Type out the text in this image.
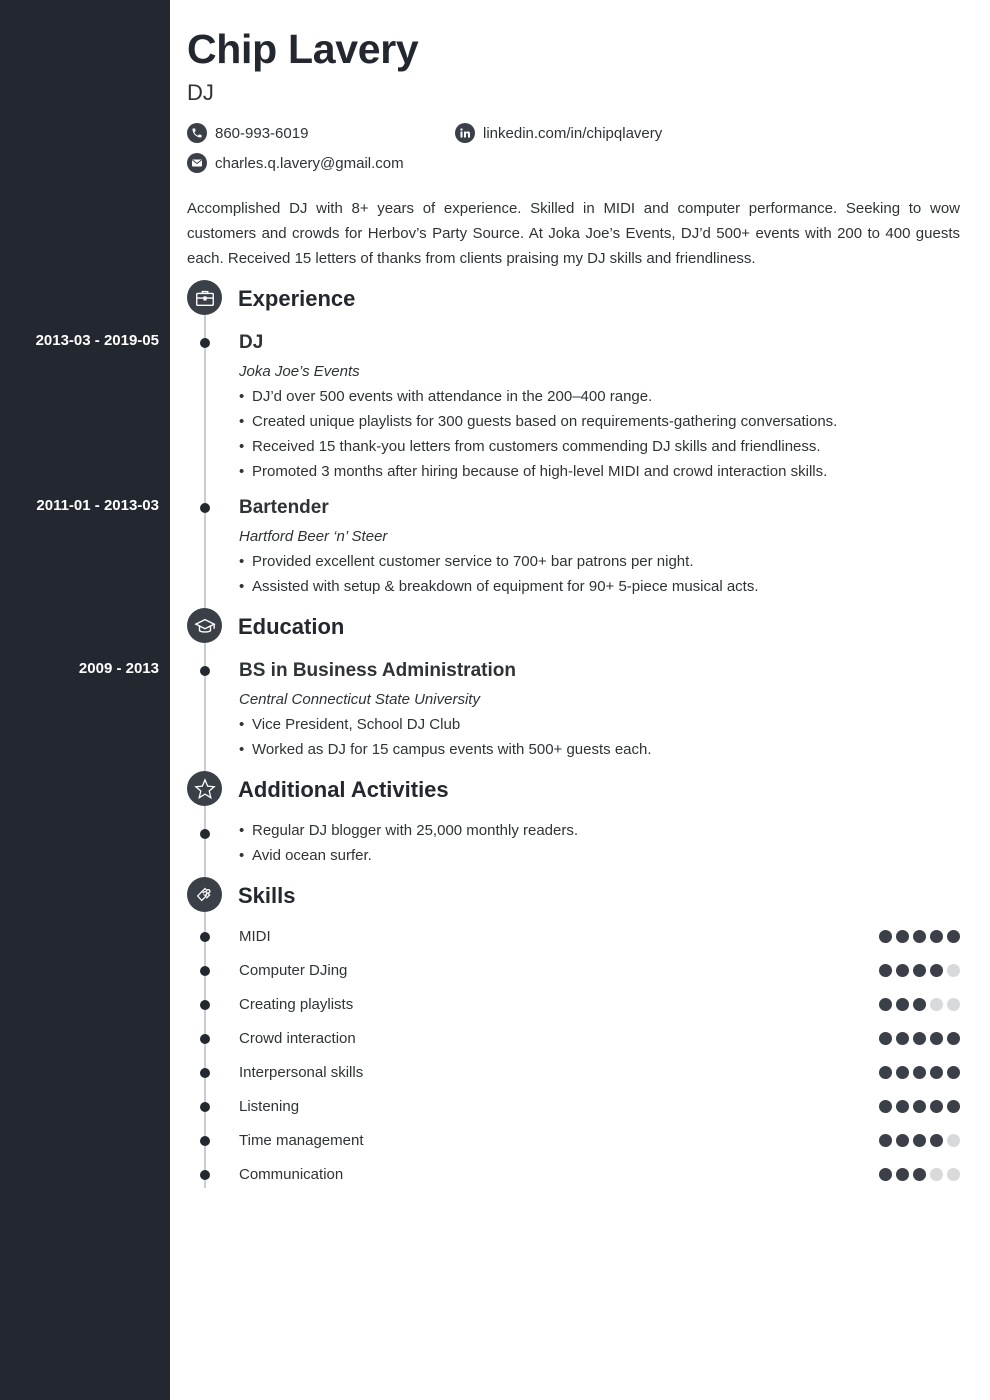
Chip Lavery
DJ
860-993-6019	linkedin.com/in/chipqlavery
charles.q.lavery@gmail.com

Accomplished DJ with 8+ years of experience. Skilled in MIDI and computer performance. Seeking to wow customers and crowds for Herbov’s Party Source. At Joka Joe’s Events, DJ’d 500+ events with 200 to 400 guests each. Received 15 letters of thanks from clients praising my DJ skills and friendliness.

Experience
2013-03 - 2019-05	DJ
Joka Joe’s Events
• DJ’d over 500 events with attendance in the 200–400 range.
• Created unique playlists for 300 guests based on requirements-gathering conversations.
• Received 15 thank-you letters from customers commending DJ skills and friendliness.
• Promoted 3 months after hiring because of high-level MIDI and crowd interaction skills.
2011-01 - 2013-03	Bartender
Hartford Beer ‘n’ Steer
• Provided excellent customer service to 700+ bar patrons per night.
• Assisted with setup & breakdown of equipment for 90+ 5-piece musical acts.
Education
2009 - 2013	BS in Business Administration
Central Connecticut State University
• Vice President, School DJ Club
• Worked as DJ for 15 campus events with 500+ guests each.
Additional Activities
• Regular DJ blogger with 25,000 monthly readers.
• Avid ocean surfer.
Skills
MIDI
Computer DJing
Creating playlists
Crowd interaction
Interpersonal skills
Listening
Time management
Communication
